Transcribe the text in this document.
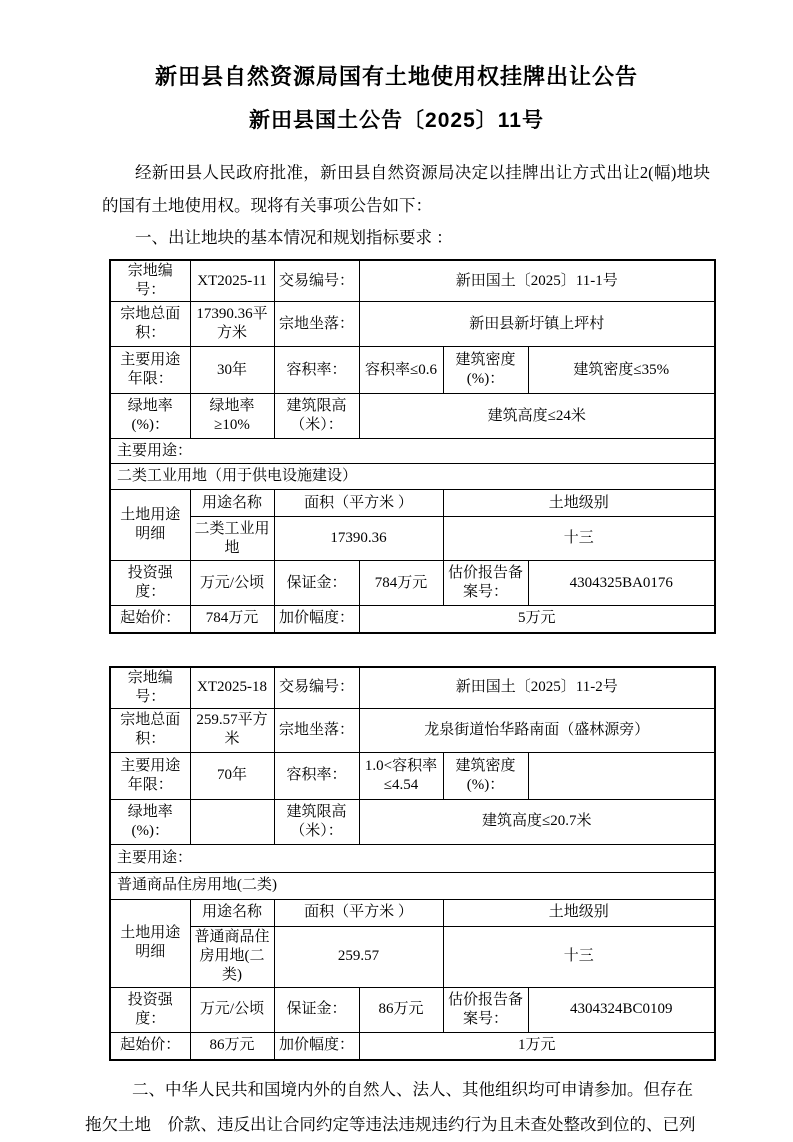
新田县自然资源局国有土地使用权挂牌出让公告

新田县国土公告〔2025〕11号

经新田县人民政府批准，新田县自然资源局决定以挂牌出让方式出让2(幅)地块的国有土地使用权。现将有关事项公告如下：

一、出让地块的基本情况和规划指标要求 ：

宗地编号：	XT2025-11	交易编号：	新田国土〔2025〕11-1号		
宗地总面积：	17390.36平方米	宗地坐落：	新田县新圩镇上坪村		
主要用途年限：	30年	容积率：	容积率≤0.6	建筑密度(%)：	建筑密度≤35%
绿地率(%)：	绿地率≥10%	建筑限高（米）：	建筑高度≤24米		
主要用途：					
二类工业用地（用于供电设施建设）					
土地用途明细	用途名称	面积（平方米 ）		土地级别	
	二类工业用地	17390.36		十三	
投资强度：	万元/公顷	保证金：	784万元	估价报告备案号：	4304325BA0176
起始价：	784万元	加价幅度：	5万元		
宗地编号：	XT2025-18	交易编号：	新田国土〔2025〕11-2号		
宗地总面积：	259.57平方米	宗地坐落：	龙泉街道怡华路南面（盛林源旁）		
主要用途年限：	70年	容积率：	1.0<容积率≤4.54	建筑密度(%)：	
绿地率(%)：		建筑限高（米）：	建筑高度≤20.7米		
主要用途：					
普通商品住房用地(二类)					
土地用途明细	用途名称	面积（平方米 ）		土地级别	
	普通商品住房用地(二类)	259.57		十三	
投资强度：	万元/公顷	保证金：	86万元	估价报告备案号：	4304324BC0109
起始价：	86万元	加价幅度：	1万元		

二、中华人民共和国境内外的自然人、法人、其他组织均可申请参加。但存在

拖欠土地　价款、违反出让合同约定等违法违规违约行为且未查处整改到位的、已列
